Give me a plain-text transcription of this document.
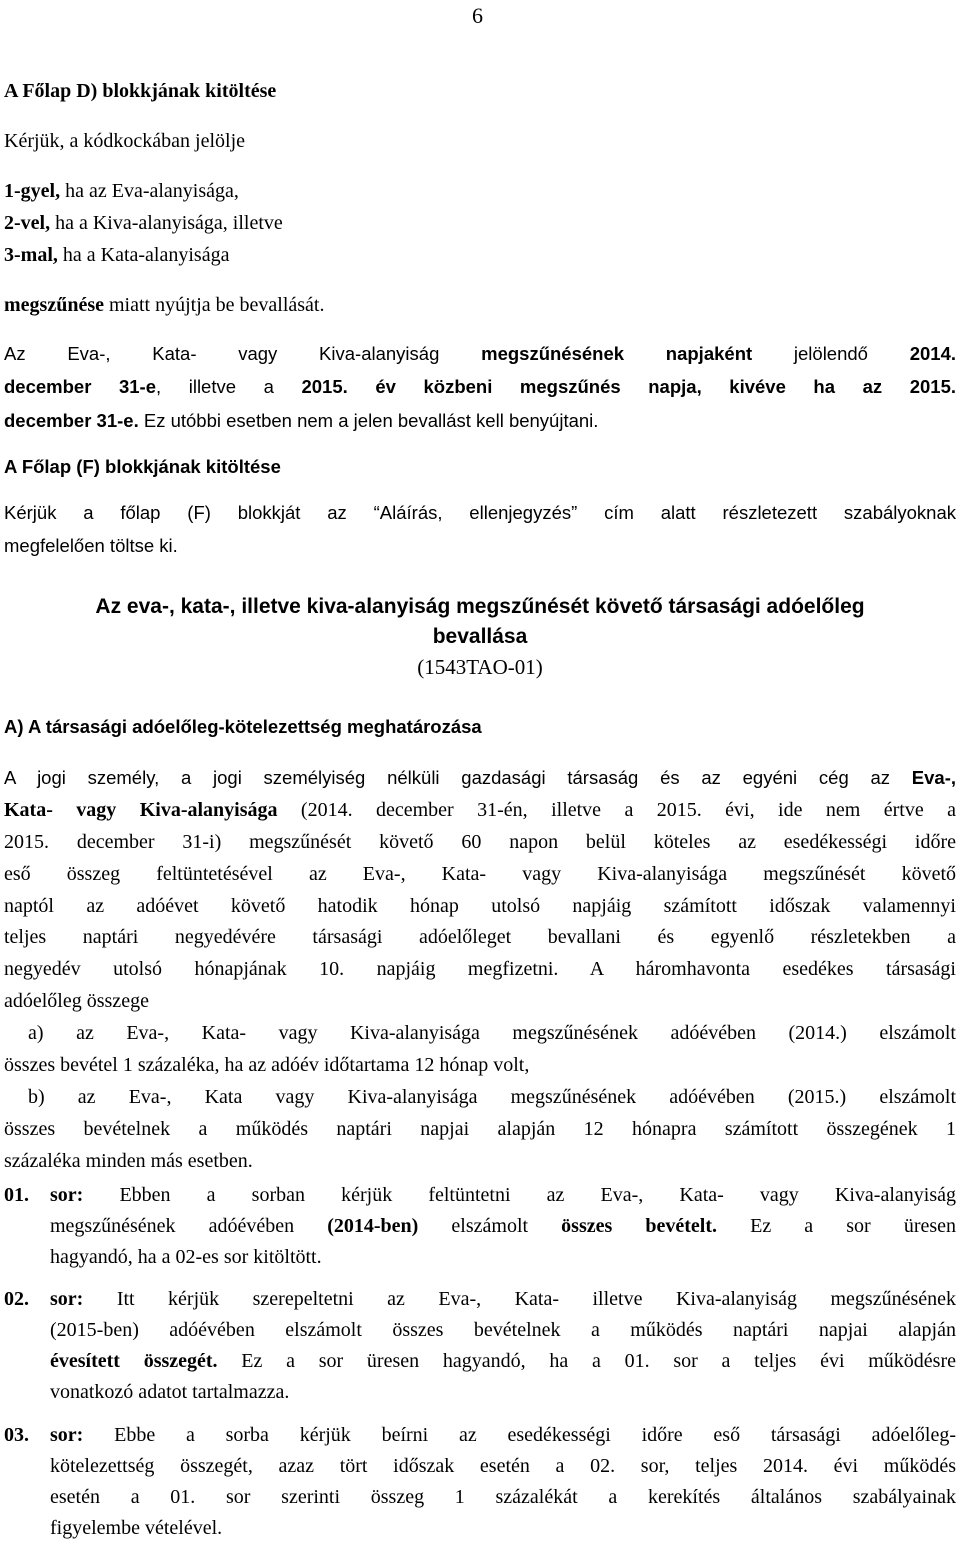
6
A Főlap D) blokkjának kitöltése
Kérjük, a kódkockában jelölje
1-gyel, ha az Eva-alanyisága,
2-vel, ha a Kiva-alanyisága, illetve
3-mal, ha a Kata-alanyisága
megszűnése miatt nyújtja be bevallását.
Az Eva-, Kata- vagy Kiva-alanyiság megszűnésének napjaként jelölendő 2014.
december 31-e, illetve a 2015. év közbeni megszűnés napja, kivéve ha az 2015.
december 31-e. Ez utóbbi esetben nem a jelen bevallást kell benyújtani.
A Főlap (F) blokkjának kitöltése
Kérjük a főlap (F) blokkját az “Aláírás, ellenjegyzés” cím alatt részletezett szabályoknak
megfelelően töltse ki.
Az eva-, kata-, illetve kiva-alanyiság megszűnését követő társasági adóelőleg
bevallása
(1543TAO-01)
A) A társasági adóelőleg-kötelezettség meghatározása
A jogi személy, a jogi személyiség nélküli gazdasági társaság és az egyéni cég az Eva-,
Kata- vagy Kiva-alanyisága (2014. december 31-én, illetve a 2015. évi, ide nem értve a
2015. december 31-i) megszűnését követő 60 napon belül köteles az esedékességi időre
eső összeg feltüntetésével az Eva-, Kata- vagy Kiva-alanyisága megszűnését követő
naptól az adóévet követő hatodik hónap utolsó napjáig számított időszak valamennyi
teljes naptári negyedévére társasági adóelőleget bevallani és egyenlő részletekben a
negyedév utolsó hónapjának 10. napjáig megfizetni. A háromhavonta esedékes társasági
adóelőleg összege
a) az Eva-, Kata- vagy Kiva-alanyisága megszűnésének adóévében (2014.) elszámolt
összes bevétel 1 százaléka, ha az adóév időtartama 12 hónap volt,
b) az Eva-, Kata vagy Kiva-alanyisága megszűnésének adóévében (2015.) elszámolt
összes bevételnek a működés naptári napjai alapján 12 hónapra számított összegének 1
százaléka minden más esetben.
01. sor: Ebben a sorban kérjük feltüntetni az Eva-, Kata- vagy Kiva-alanyiság
megszűnésének adóévében (2014-ben) elszámolt összes bevételt. Ez a sor üresen
hagyandó, ha a 02-es sor kitöltött.
02. sor: Itt kérjük szerepeltetni az Eva-, Kata- illetve Kiva-alanyiság megszűnésének
(2015-ben) adóévében elszámolt összes bevételnek a működés naptári napjai alapján
évesített összegét. Ez a sor üresen hagyandó, ha a 01. sor a teljes évi működésre
vonatkozó adatot tartalmazza.
03. sor: Ebbe a sorba kérjük beírni az esedékességi időre eső társasági adóelőleg-
kötelezettség összegét, azaz tört időszak esetén a 02. sor, teljes 2014. évi működés
esetén a 01. sor szerinti összeg 1 százalékát a kerekítés általános szabályainak
figyelembe vételével.
